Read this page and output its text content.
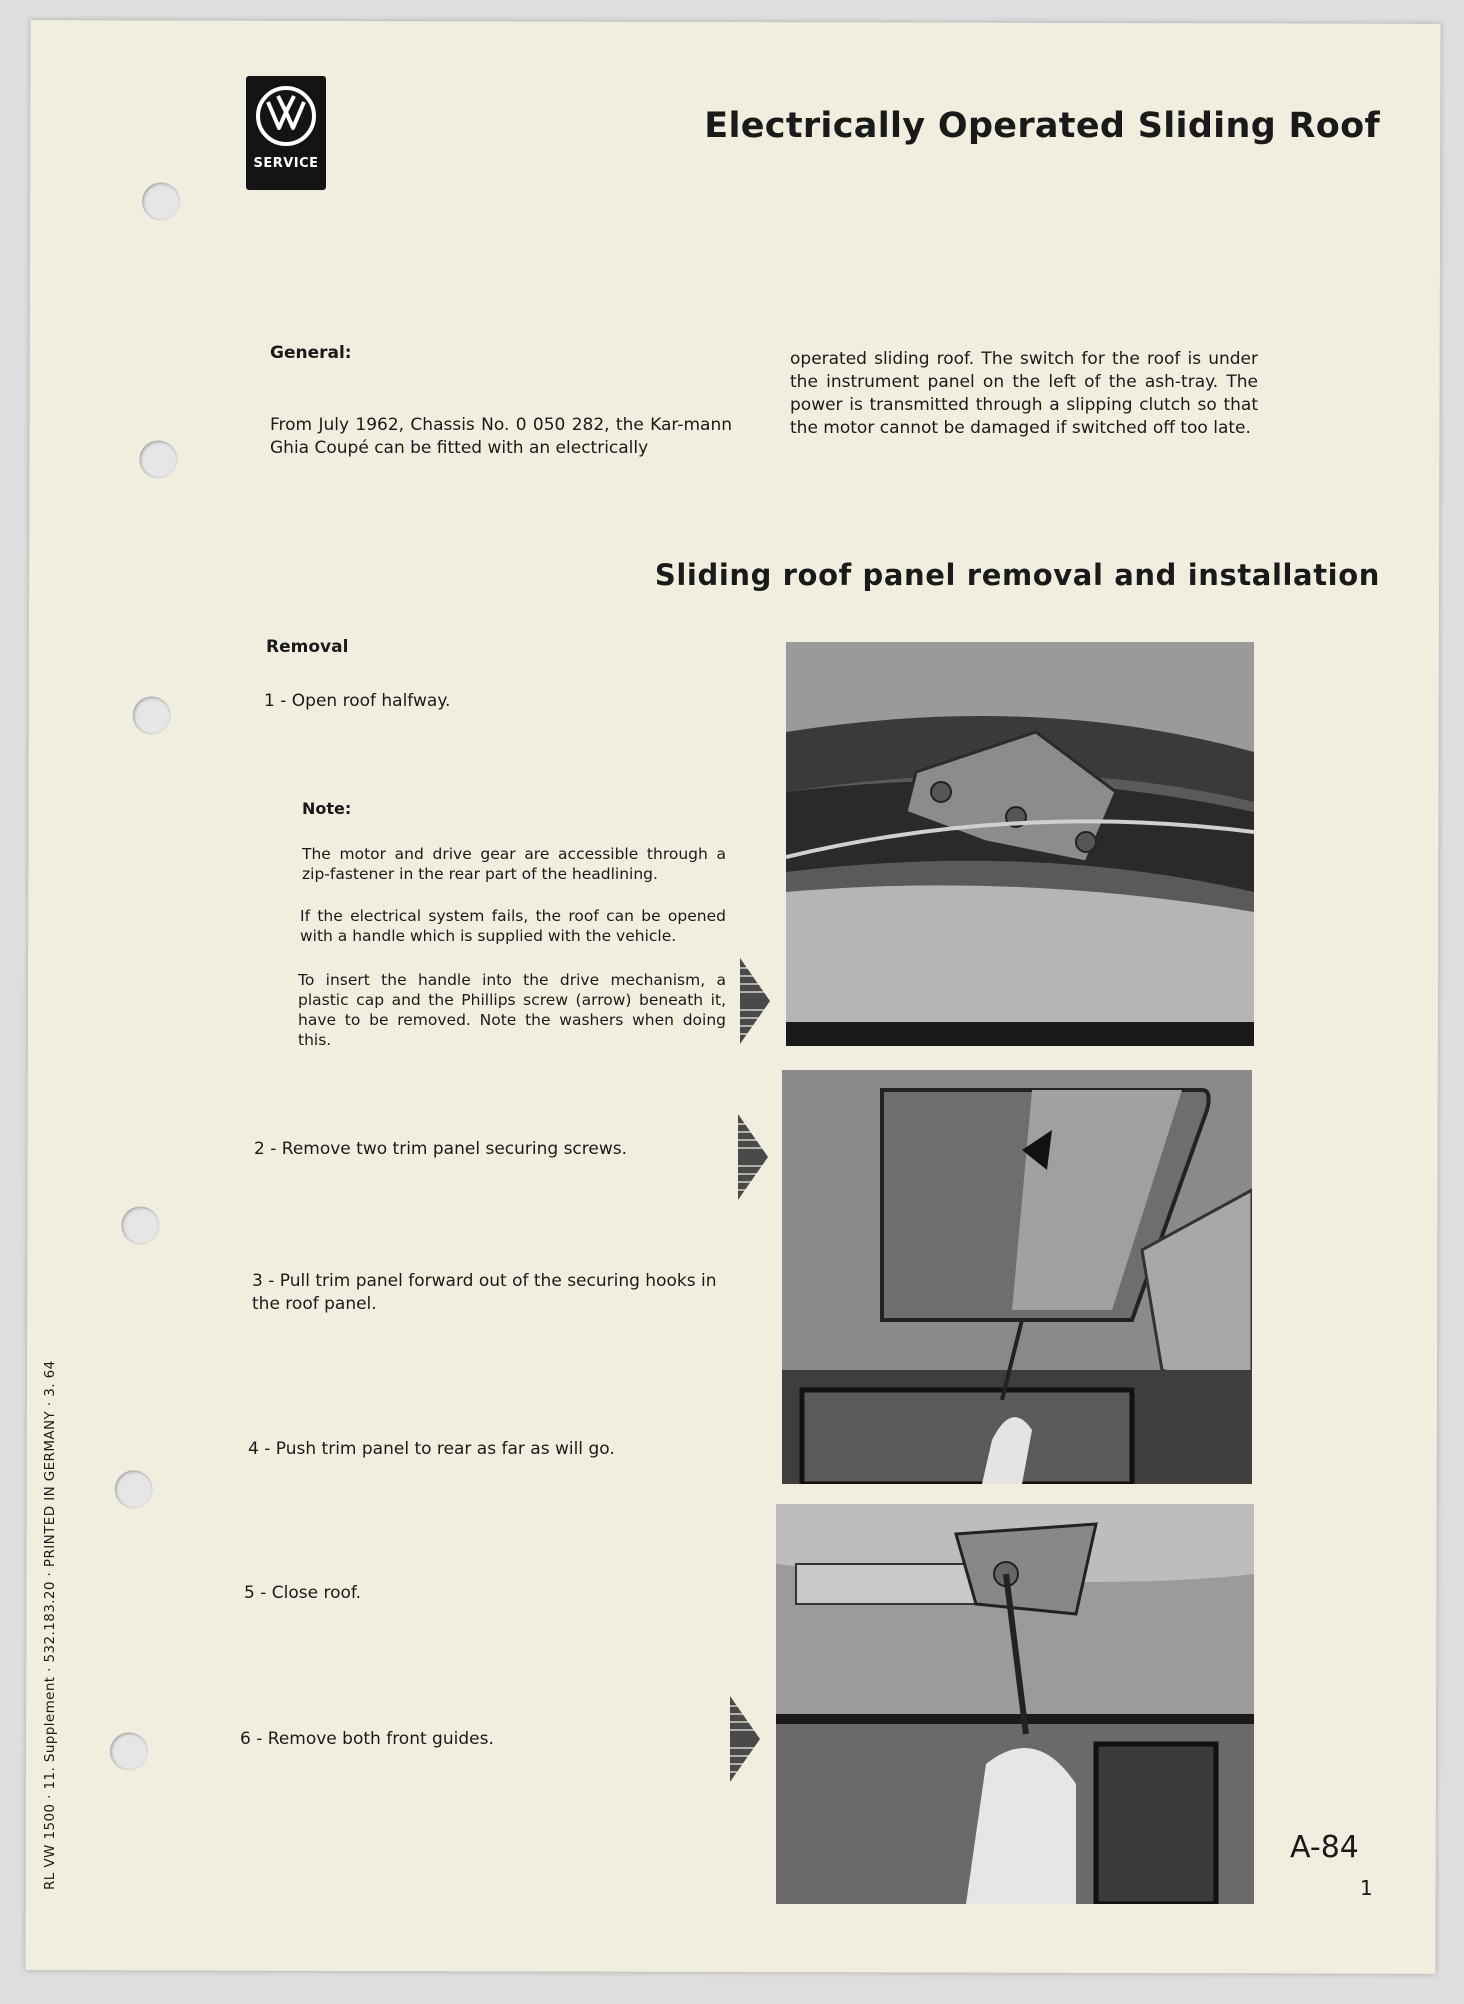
SERVICE
Electrically Operated Sliding Roof
General:
From July 1962, Chassis No. 0 050 282, the Kar-mann Ghia Coupé can be fitted with an electrically
operated sliding roof. The switch for the roof is under the instrument panel on the left of the ash-tray. The power is transmitted through a slipping clutch so that the motor cannot be damaged if switched off too late.
Sliding roof panel removal and installation
Removal
1 - Open roof halfway.
Note:
The motor and drive gear are accessible through a zip-fastener in the rear part of the headlining.
If the electrical system fails, the roof can be opened with a handle which is supplied with the vehicle.
To insert the handle into the drive mechanism, a plastic cap and the Phillips screw (arrow) beneath it, have to be removed. Note the washers when doing this.
2 - Remove two trim panel securing screws.
3 - Pull trim panel forward out of the securing hooks in the roof panel.
4 - Push trim panel to rear as far as will go.
5 - Close roof.
6 - Remove both front guides.
RL VW 1500 · 11. Supplement · 532.183.20 · PRINTED IN GERMANY · 3. 64	A-84
1
